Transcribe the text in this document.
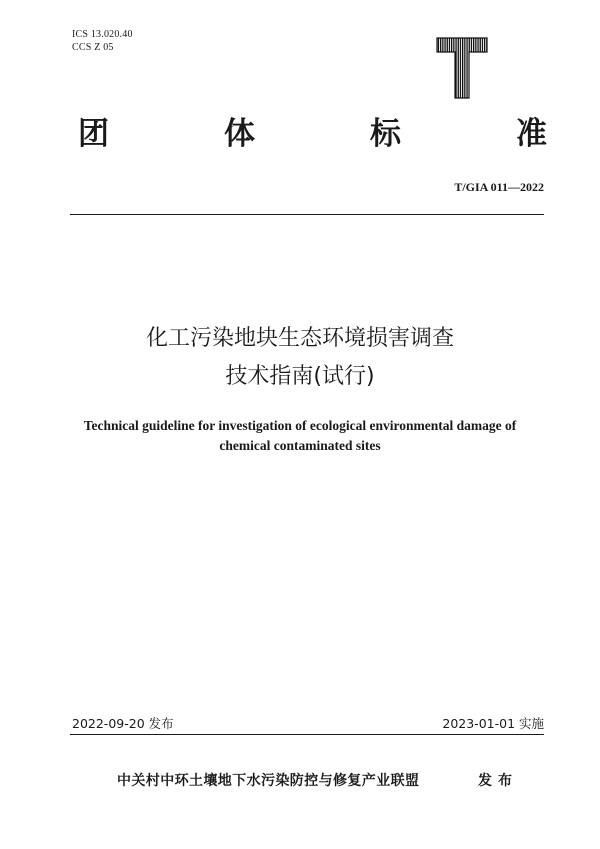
ICS 13.020.40
CCS Z 05
T
团	体	标	准
T/GIA 011—2022
化工污染地块生态环境损害调查
技术指南(试行)
Technical guideline for investigation of ecological environmental damage of
chemical contaminated sites
2022-09-20 发布	2023-01-01 实施
中关村中环土壤地下水污染防控与修复产业联盟	发布
